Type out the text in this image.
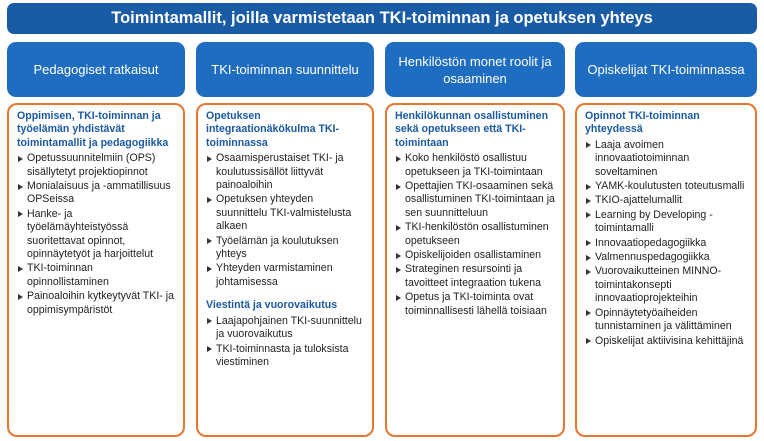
Toimintamallit, joilla varmistetaan TKI-toiminnan ja opetuksen yhteys
Pedagogiset ratkaisut	TKI-toiminnan suunnittelu
Henkilöstön monet roolit ja osaaminen
Opiskelijat TKI-toiminnassa
Oppimisen, TKI-toiminnan ja työelämän yhdistävät toimintamallit ja pedagogiikka
Opetussuunnitelmiin (OPS) sisällytetyt projektiopinnot
Monialaisuus ja -ammatillisuus OPSeissa
Hanke- ja työelämäyhteistyössä suoritettavat opinnot, opinnäytetyöt ja harjoittelut
TKI-toiminnan opinnollistaminen
Painoaloihin kytkeytyvät TKI- ja oppimisympäristöt
Opetuksen integraationäkökulma TKI-toiminnassa
Osaamisperustaiset TKI- ja koulutussisällöt liittyvät painoaloihin
Opetuksen yhteyden suunnittelu TKI-valmistelusta alkaen
Työelämän ja koulutuksen yhteys
Yhteyden varmistaminen johtamisessa
Viestintä ja vuorovaikutus
Laajapohjainen TKI-suunnittelu ja vuorovaikutus
TKI-toiminnasta ja tuloksista viestiminen
Henkilökunnan osallistuminen sekä opetukseen että TKI-toimintaan
Koko henkilöstö osallistuu opetukseen ja TKI-toimintaan
Opettajien TKI-osaaminen sekä osallistuminen TKI-toimintaan ja sen suunnitteluun
TKI-henkilöstön osallistuminen opetukseen
Opiskelijoiden osallistaminen
Strateginen resursointi ja tavoitteet integraation tukena
Opetus ja TKI-toiminta ovat toiminnallisesti lähellä toisiaan
Opinnot TKI-toiminnan yhteydessä
Laaja avoimen innovaatiotoiminnan soveltaminen
YAMK-koulutusten toteutusmalli
TKIO-ajattelumallit
Learning by Developing -toimintamalli
Innovaatiopedagogiikka
Valmennuspedagogiikka
Vuorovaikutteinen MINNO-toimintakonsepti innovaatioprojekteihin
Opinnäytetyöaiheiden tunnistaminen ja välittäminen
Opiskelijat aktiivisina kehittäjinä
